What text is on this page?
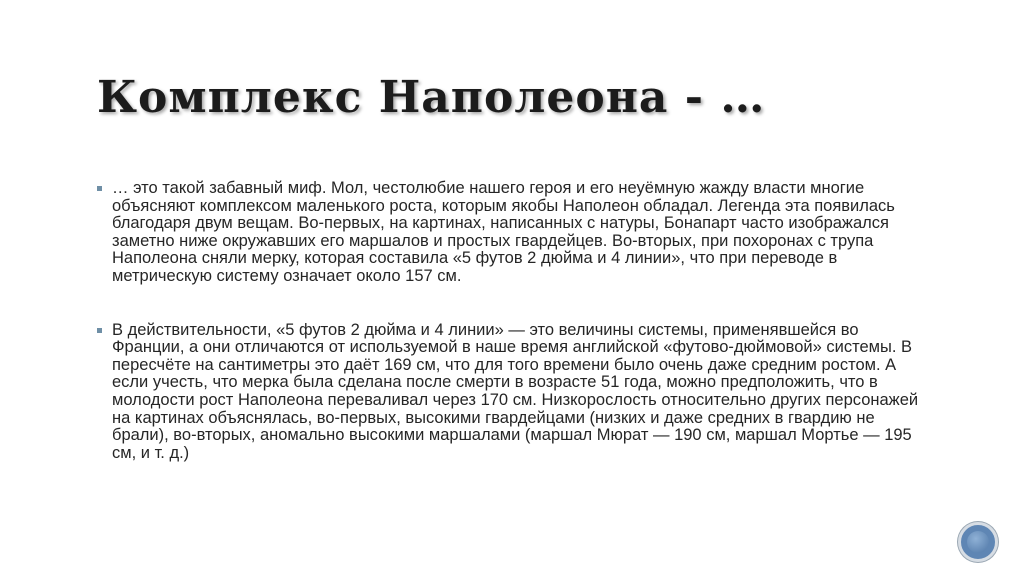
Комплекс Наполеона - …
… это такой забавный миф. Мол, честолюбие нашего героя и его неуёмную жажду власти многие объясняют комплексом маленького роста, которым якобы Наполеон обладал. Легенда эта появилась благодаря двум вещам. Во-первых, на картинах, написанных с натуры, Бонапарт часто изображался заметно ниже окружавших его маршалов и простых гвардейцев. Во-вторых, при похоронах с трупа Наполеона сняли мерку, которая составила «5 футов 2 дюйма и 4 линии», что при переводе в метрическую систему означает около 157 см.
В действительности, «5 футов 2 дюйма и 4 линии» — это величины системы, применявшейся во Франции, а они отличаются от используемой в наше время английской «футово-дюймовой» системы. В пересчёте на сантиметры это даёт 169 см, что для того времени было очень даже средним ростом. А если учесть, что мерка была сделана после смерти в возрасте 51 года, можно предположить, что в молодости рост Наполеона переваливал через 170 см. Низкорослость относительно других персонажей на картинах объяснялась, во-первых, высокими гвардейцами (низких и даже средних в гвардию не брали), во-вторых, аномально высокими маршалами (маршал Мюрат — 190 см, маршал Мортье — 195 см, и т. д.)
